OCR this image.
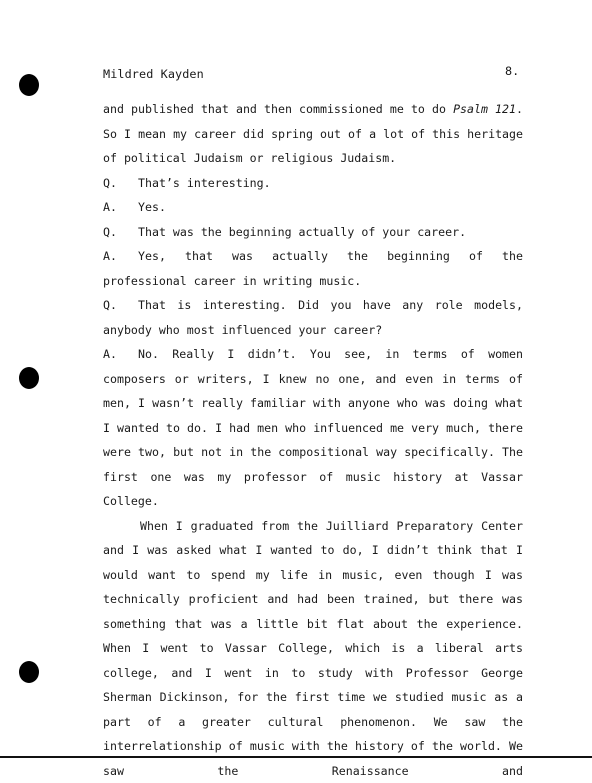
Mildred Kayden	8.

and published that and then commissioned me to do Psalm 121. So I mean my career did spring out of a lot of this heritage of political Judaism or religious Judaism.

Q. That’s interesting.

A. Yes.

Q. That was the beginning actually of your career.

A. Yes, that was actually the beginning of the professional career in writing music.

Q. That is interesting. Did you have any role models, anybody who most influenced your career?

A. No. Really I didn’t. You see, in terms of women composers or writers, I knew no one, and even in terms of men, I wasn’t really familiar with anyone who was doing what I wanted to do. I had men who influenced me very much, there were two, but not in the compositional way specifically. The first one was my professor of music history at Vassar College.

When I graduated from the Juilliard Preparatory Center and I was asked what I wanted to do, I didn’t think that I would want to spend my life in music, even though I was technically proficient and had been trained, but there was something that was a little bit flat about the experience. When I went to Vassar College, which is a liberal arts college, and I went in to study with Professor George Sherman Dickinson, for the first time we studied music as a part of a greater cultural phenomenon. We saw the interrelationship of music with the history of the world. We saw the Renaissance and
